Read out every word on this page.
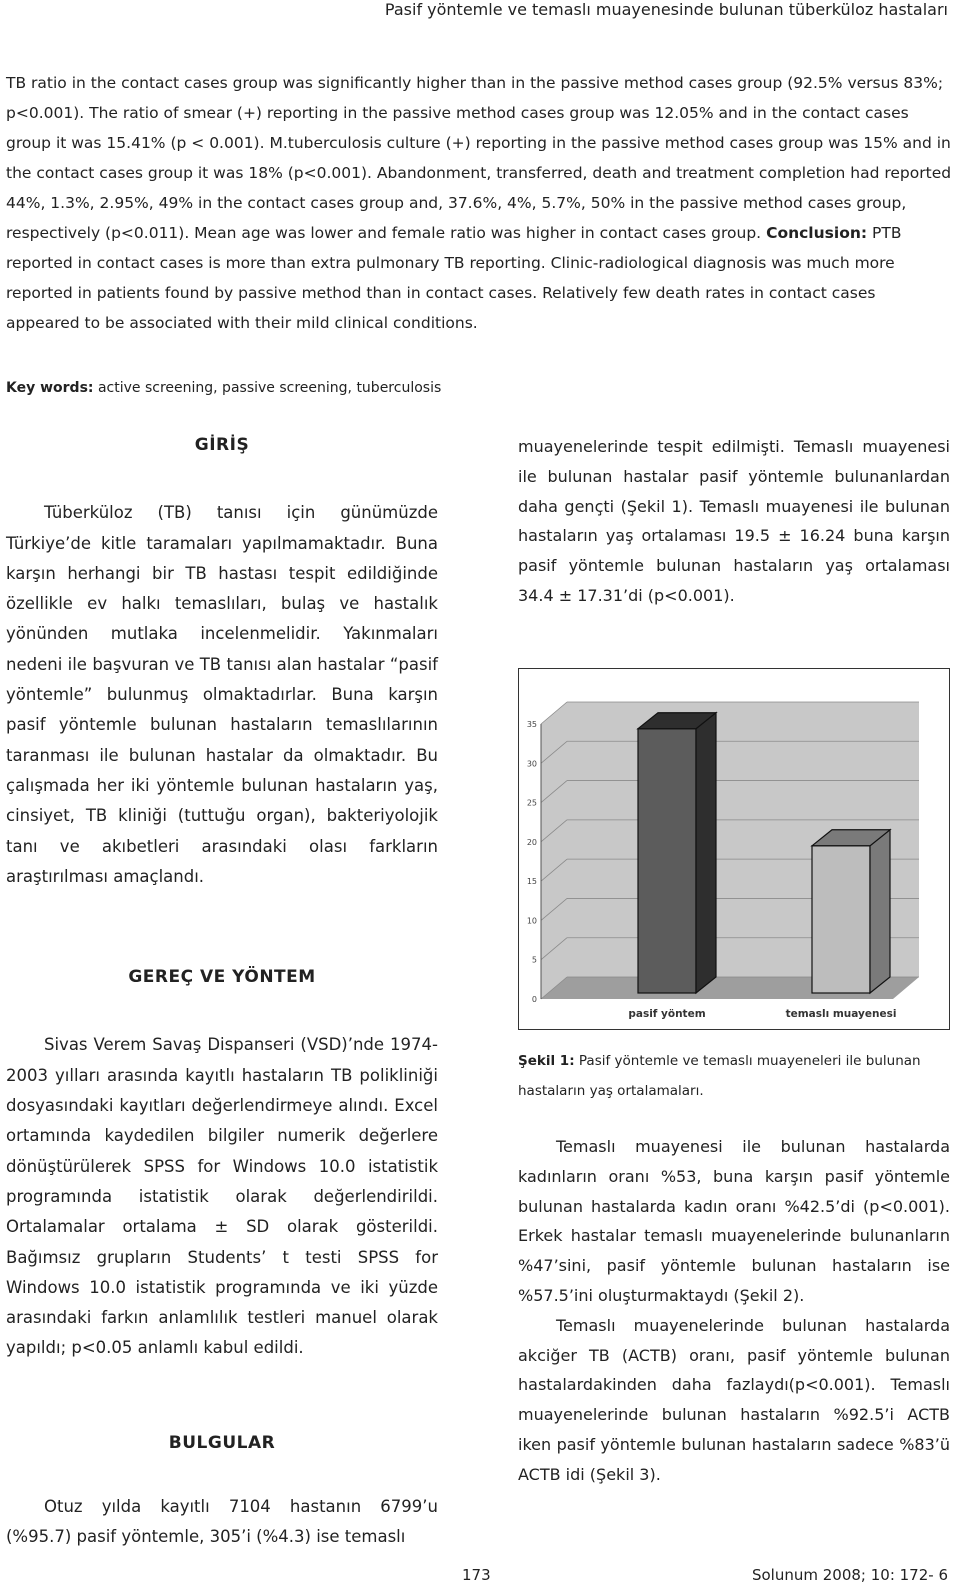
Pasif yöntemle ve temaslı muayenesinde bulunan tüberküloz hastaları
TB ratio in the contact cases group was significantly higher than in the passive method cases group (92.5% versus 83%; p<0.001). The ratio of smear (+) reporting in the passive method cases group was 12.05% and in the contact cases group it was 15.41% (p < 0.001). M.tuberculosis culture (+) reporting in the passive method cases group was 15% and in the contact cases group it was 18% (p<0.001). Abandonment, transferred, death and treatment completion had reported 44%, 1.3%, 2.95%, 49% in the contact cases group and, 37.6%, 4%, 5.7%, 50% in the passive method cases group, respectively (p<0.011). Mean age was lower and female ratio was higher in contact cases group. Conclusion: PTB reported in contact cases is more than extra pulmonary TB reporting. Clinic-radiological diagnosis was much more reported in patients found by passive method than in contact cases. Relatively few death rates in contact cases appeared to be associated with their mild clinical conditions.
Key words: active screening, passive screening, tuberculosis
GİRİŞ

Tüberküloz (TB) tanısı için günümüzde Türkiye’de kitle taramaları yapılmamaktadır. Buna karşın herhangi bir TB hastası tespit edildiğinde özellikle ev halkı temaslıları, bulaş ve hastalık yönünden mutlaka incelenmelidir. Yakınmaları nedeni ile başvuran ve TB tanısı alan hastalar “pasif yöntemle” bulunmuş olmaktadırlar. Buna karşın pasif yöntemle bulunan hastaların temaslılarının taranması ile bulunan hastalar da olmaktadır. Bu çalışmada her iki yöntemle bulunan hastaların yaş, cinsiyet, TB kliniği (tuttuğu organ), bakteriyolojik tanı ve akıbetleri arasındaki olası farkların araştırılması amaçlandı.

GEREÇ VE YÖNTEM

Sivas Verem Savaş Dispanseri (VSD)’nde 1974-2003 yılları arasında kayıtlı hastaların TB polikliniği dosyasındaki kayıtları değerlendirmeye alındı. Excel ortamında kaydedilen bilgiler numerik değerlere dönüştürülerek SPSS for Windows 10.0 istatistik programında istatistik olarak değerlendirildi. Ortalamalar ortalama ± SD olarak gösterildi. Bağımsız grupların Students’ t testi SPSS for Windows 10.0 istatistik programında ve iki yüzde arasındaki farkın anlamlılık testleri manuel olarak yapıldı; p<0.05 anlamlı kabul edildi.

BULGULAR

Otuz yılda kayıtlı 7104 hastanın 6799’u (%95.7) pasif yöntemle, 305’i (%4.3) ise temaslı

muayenelerinde tespit edilmişti. Temaslı muayenesi ile bulunan hastalar pasif yöntemle bulunanlardan daha gençti (Şekil 1). Temaslı muayenesi ile bulunan hastaların yaş ortalaması 19.5 ± 16.24 buna karşın pasif yöntemle bulunan hastaların yaş ortalaması 34.4 ± 17.31’di (p<0.001).

0
5
10
15
20
25
30
35
pasif yöntem	temaslı muayenesi
Şekil 1: Pasif yöntemle ve temaslı muayeneleri ile bulunan hastaların yaş ortalamaları.

Temaslı muayenesi ile bulunan hastalarda kadınların oranı %53, buna karşın pasif yöntemle bulunan hastalarda kadın oranı %42.5’di (p<0.001). Erkek hastalar temaslı muayenelerinde bulunanların %47’sini, pasif yöntemle bulunan hastaların ise %57.5’ini oluşturmaktaydı (Şekil 2).

Temaslı muayenelerinde bulunan hastalarda akciğer TB (ACTB) oranı, pasif yöntemle bulunan hastalardakinden daha fazlaydı(p<0.001). Temaslı muayenelerinde bulunan hastaların %92.5’i ACTB iken pasif yöntemle bulunan hastaların sadece %83’ü ACTB idi (Şekil 3).

173	Solunum 2008; 10: 172- 6
